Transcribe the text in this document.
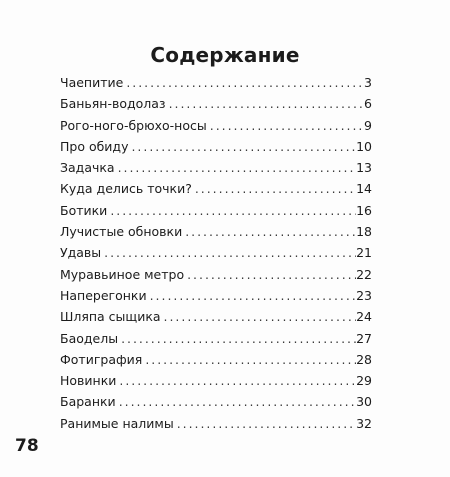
Содержание
Чаепитие . . .	3
Баньян-водолаз . . .	6
Рого-ного-брюхо-носы . . .	9
Про обиду . . .	10
Задачка . . .	13
Куда делись точки? . . .	14
Ботики . . .	16
Лучистые обновки . . .	18
Удавы . . .	21
Муравьиное метро . . .	22
Наперегонки . . .	23
Шляпа сыщика . . .	24
Баоделы . . .	27
Фотиграфия . . .	28
Новинки . . .	29
Баранки . . .	30
Ранимые налимы . . .	32
78
